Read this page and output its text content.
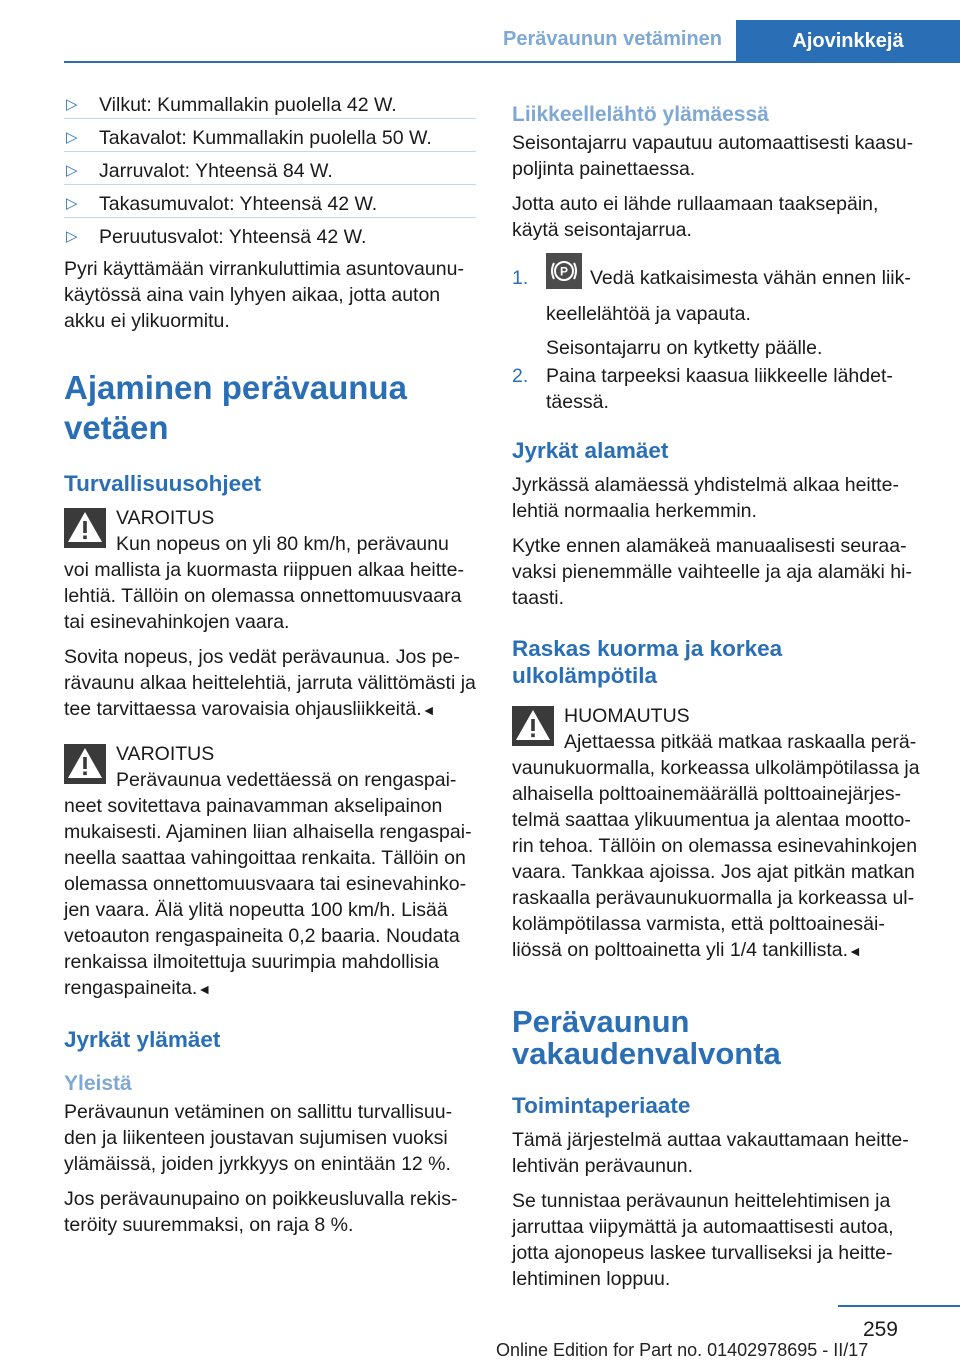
Perävaunun vetäminen	Ajovinkkejä
▷ Vilkut: Kummallakin puolella 42 W.
▷ Takavalot: Kummallakin puolella 50 W.
▷ Jarruvalot: Yhteensä 84 W.
▷ Takasumuvalot: Yhteensä 42 W.
▷ Peruutusvalot: Yhteensä 42 W.

Pyri käyttämään virrankuluttimia asuntovaunukäytössä aina vain lyhyen aikaa, jotta auton akku ei ylikuormitu.

Ajaminen perävaunua vetäen
Turvallisuusohjeet
VAROITUS

Kun nopeus on yli 80 km/h, perävaunu voi mallista ja kuormasta riippuen alkaa heittelehtiä. Tällöin on olemassa onnettomuusvaara tai esinevahinkojen vaara.

Sovita nopeus, jos vedät perävaunua. Jos perävaunu alkaa heittelehtiä, jarruta välittömästi ja tee tarvittaessa varovaisia ohjausliikkeitä.◄

VAROITUS

Perävaunua vedettäessä on rengaspaineet sovitettava painavamman akselipainon mukaisesti. Ajaminen liian alhaisella rengaspaineella saattaa vahingoittaa renkaita. Tällöin on olemassa onnettomuusvaara tai esinevahinkojen vaara. Älä ylitä nopeutta 100 km/h. Lisää vetoauton rengaspaineita 0,2 baaria. Noudata renkaissa ilmoitettuja suurimpia mahdollisia rengaspaineita.◄

Jyrkät ylämäet
Yleistä

Perävaunun vetäminen on sallittu turvallisuuden ja liikenteen joustavan sujumisen vuoksi ylämäissä, joiden jyrkkyys on enintään 12 %.

Jos perävaunupaino on poikkeusluvalla rekisteröity suuremmaksi, on raja 8 %.

Liikkeellelähtö ylämäessä

Seisontajarru vapautuu automaattisesti kaasupoljinta painettaessa.

Jotta auto ei lähde rullaamaan taaksepäin, käytä seisontajarrua.

1.	P Vedä katkaisimesta vähän ennen liikkeellelähtöä ja vapauta.
Seisontajarru on kytketty päälle.
2. Paina tarpeeksi kaasua liikkeelle lähdettäessä.
Jyrkät alamäet

Jyrkässä alamäessä yhdistelmä alkaa heittelehtiä normaalia herkemmin.

Kytke ennen alamäkeä manuaalisesti seuraavaksi pienemmälle vaihteelle ja aja alamäki hitaasti.

Raskas kuorma ja korkea ulkolämpötila
HUOMAUTUS

Ajettaessa pitkää matkaa raskaalla perävaunukuormalla, korkeassa ulkolämpötilassa ja alhaisella polttoainemäärällä polttoainejärjestelmä saattaa ylikuumentua ja alentaa moottorin tehoa. Tällöin on olemassa esinevahinkojen vaara. Tankkaa ajoissa. Jos ajat pitkän matkan raskaalla perävaunukuormalla ja korkeassa ulkolämpötilassa varmista, että polttoainesäiliössä on polttoainetta yli 1/4 tankillista.◄

Perävaunun vakaudenvalvonta
Toimintaperiaate

Tämä järjestelmä auttaa vakauttamaan heittelehtivän perävaunun.

Se tunnistaa perävaunun heittelehtimisen ja jarruttaa viipymättä ja automaattisesti autoa, jotta ajonopeus laskee turvalliseksi ja heittelehtiminen loppuu.

259
Online Edition for Part no. 01402978695 - II/17
